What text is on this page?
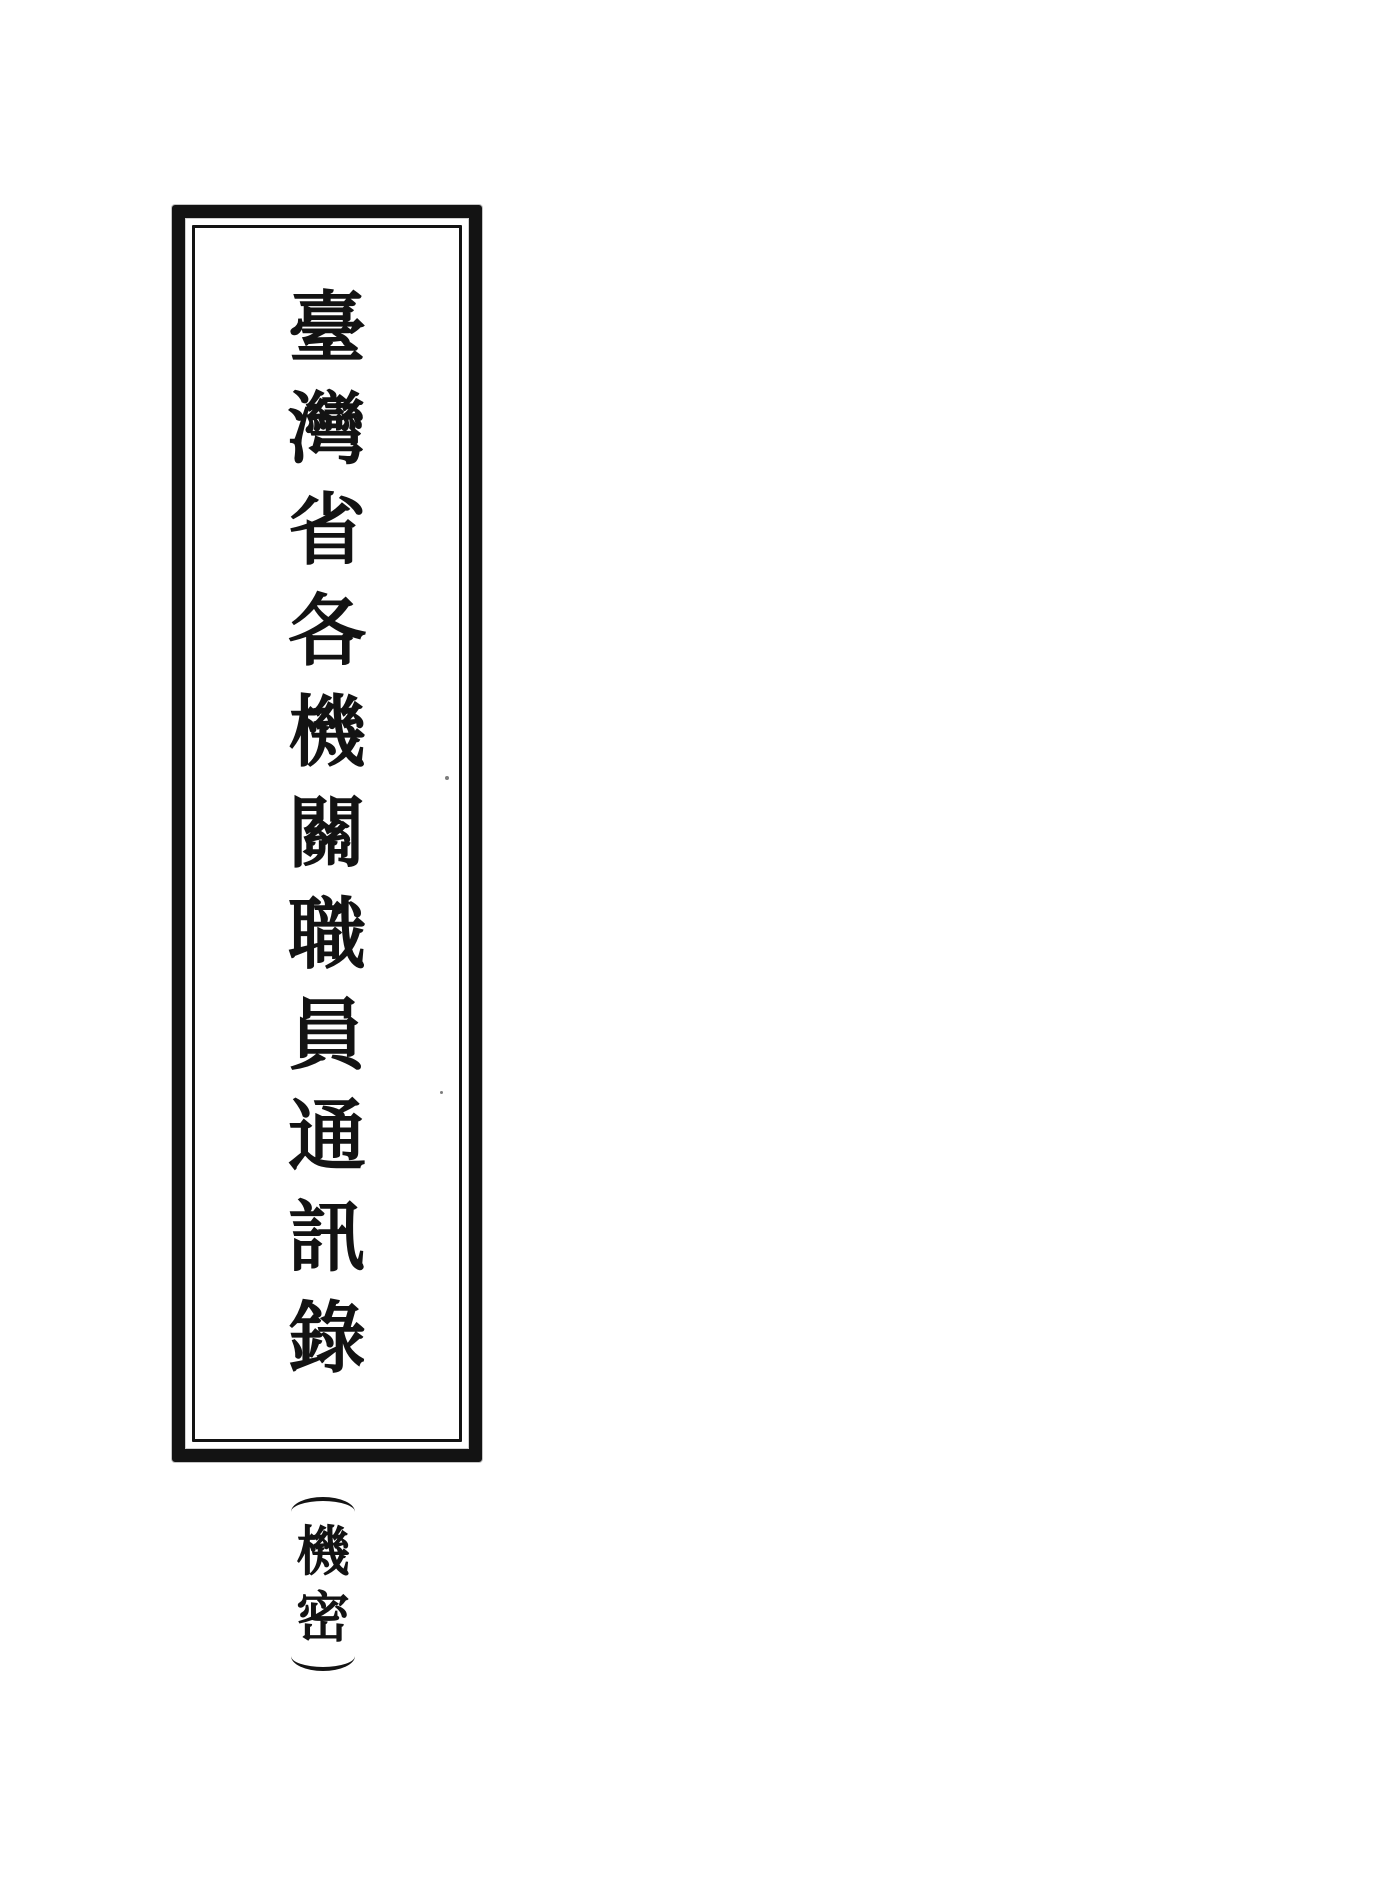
臺
灣
省
各
機
關
職
員
通
訊
錄
機
密
